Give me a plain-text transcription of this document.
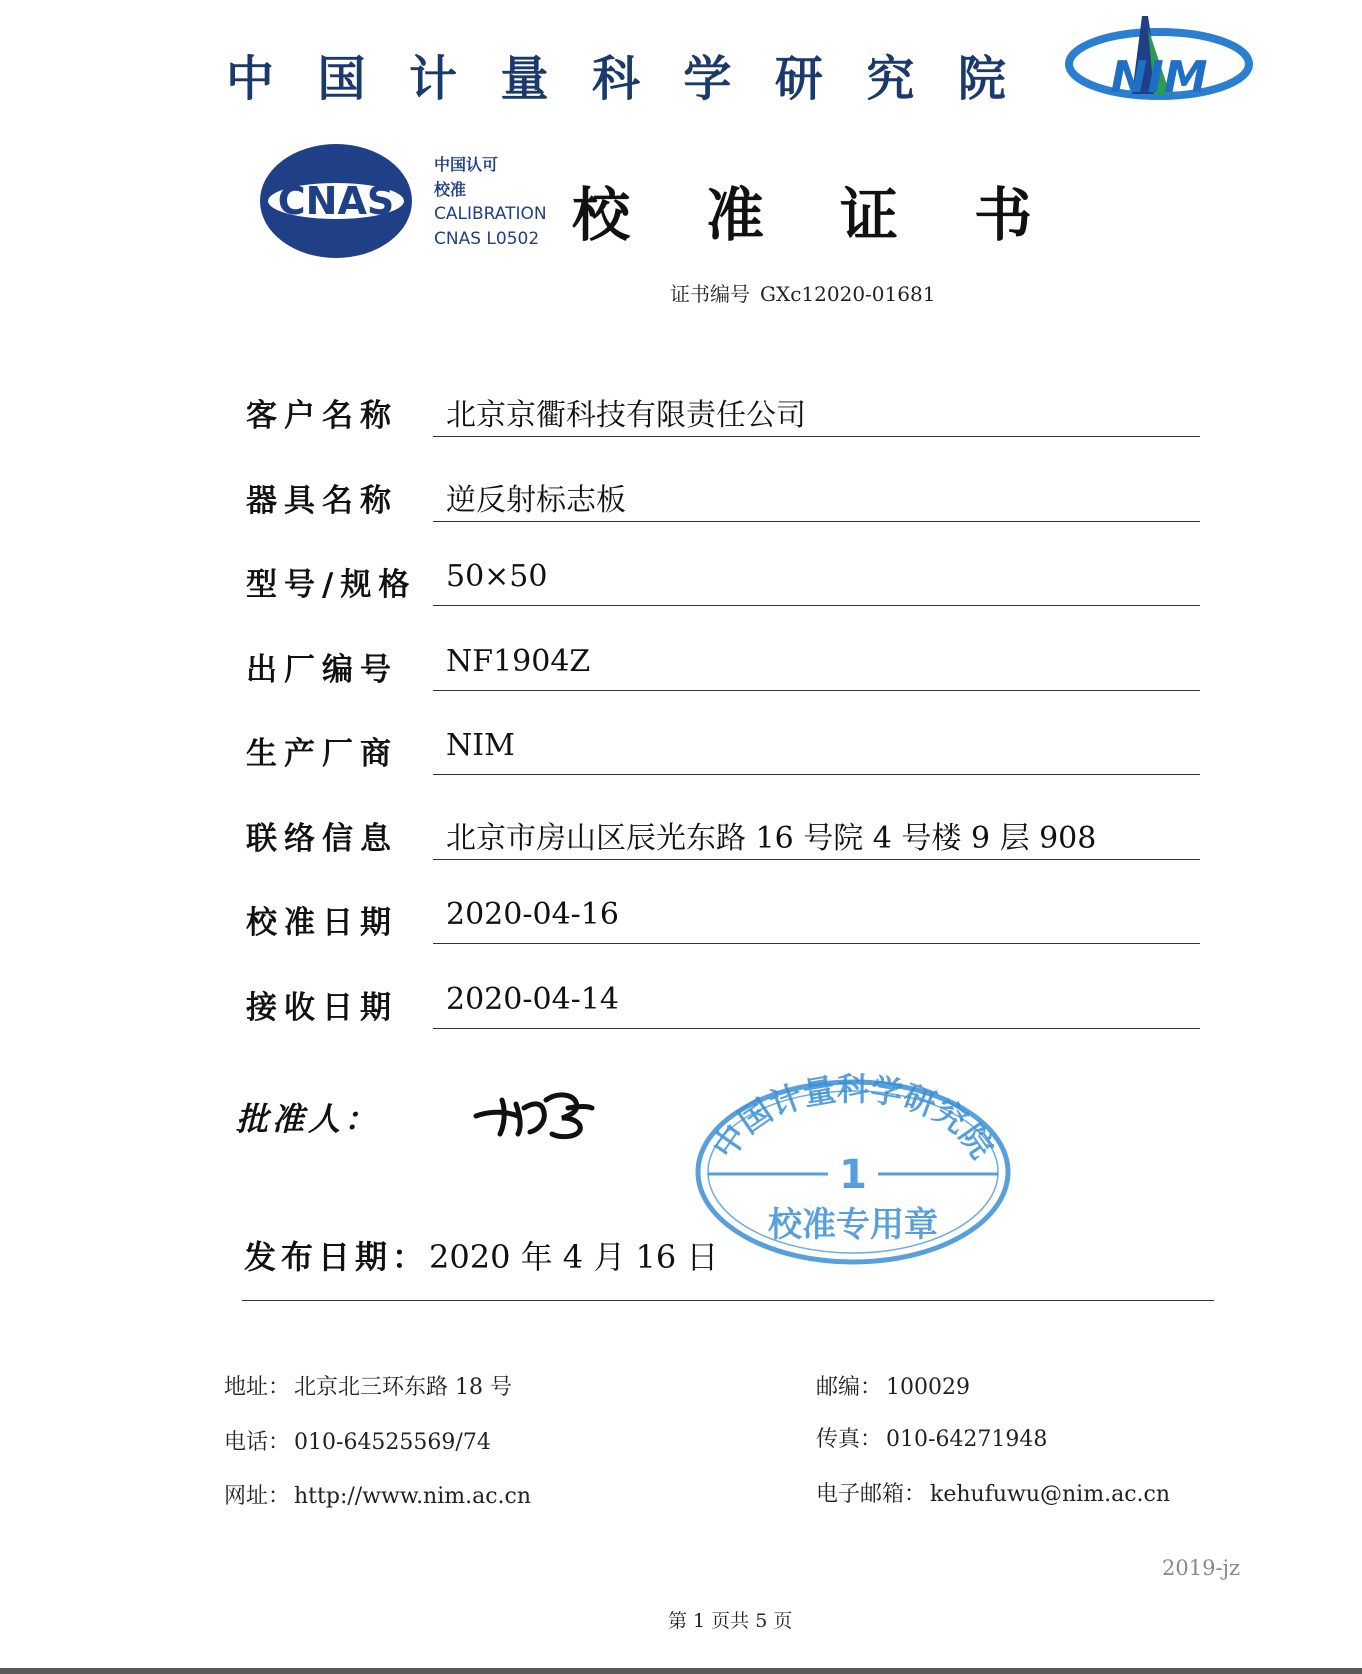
中 国 计 量 科 学 研 究 院 NIM
CNAS
中国认可
校准
CALIBRATION
CNAS L0502 校 准 证 书
证书编号 GXc12020-01681
客户名称 北京京衢科技有限责任公司
器具名称 逆反射标志板
型号/规格 50×50
出厂编号 NF1904Z
生产厂商 NIM
联络信息 北京市房山区辰光东路 16 号院 4 号楼 9 层 908
校准日期 2020-04-16
接收日期 2020-04-14
批准人：	中国计量科学研究院
1
校准专用章
发布日期：2020 年 4 月 16 日
地址： 北京北三环东路 18 号	邮编： 100029
电话： 010-64525569/74	传真： 010-64271948
网址： http://www.nim.ac.cn	电子邮箱： kehufuwu@nim.ac.cn
2019-jz
第 1 页共 5 页
